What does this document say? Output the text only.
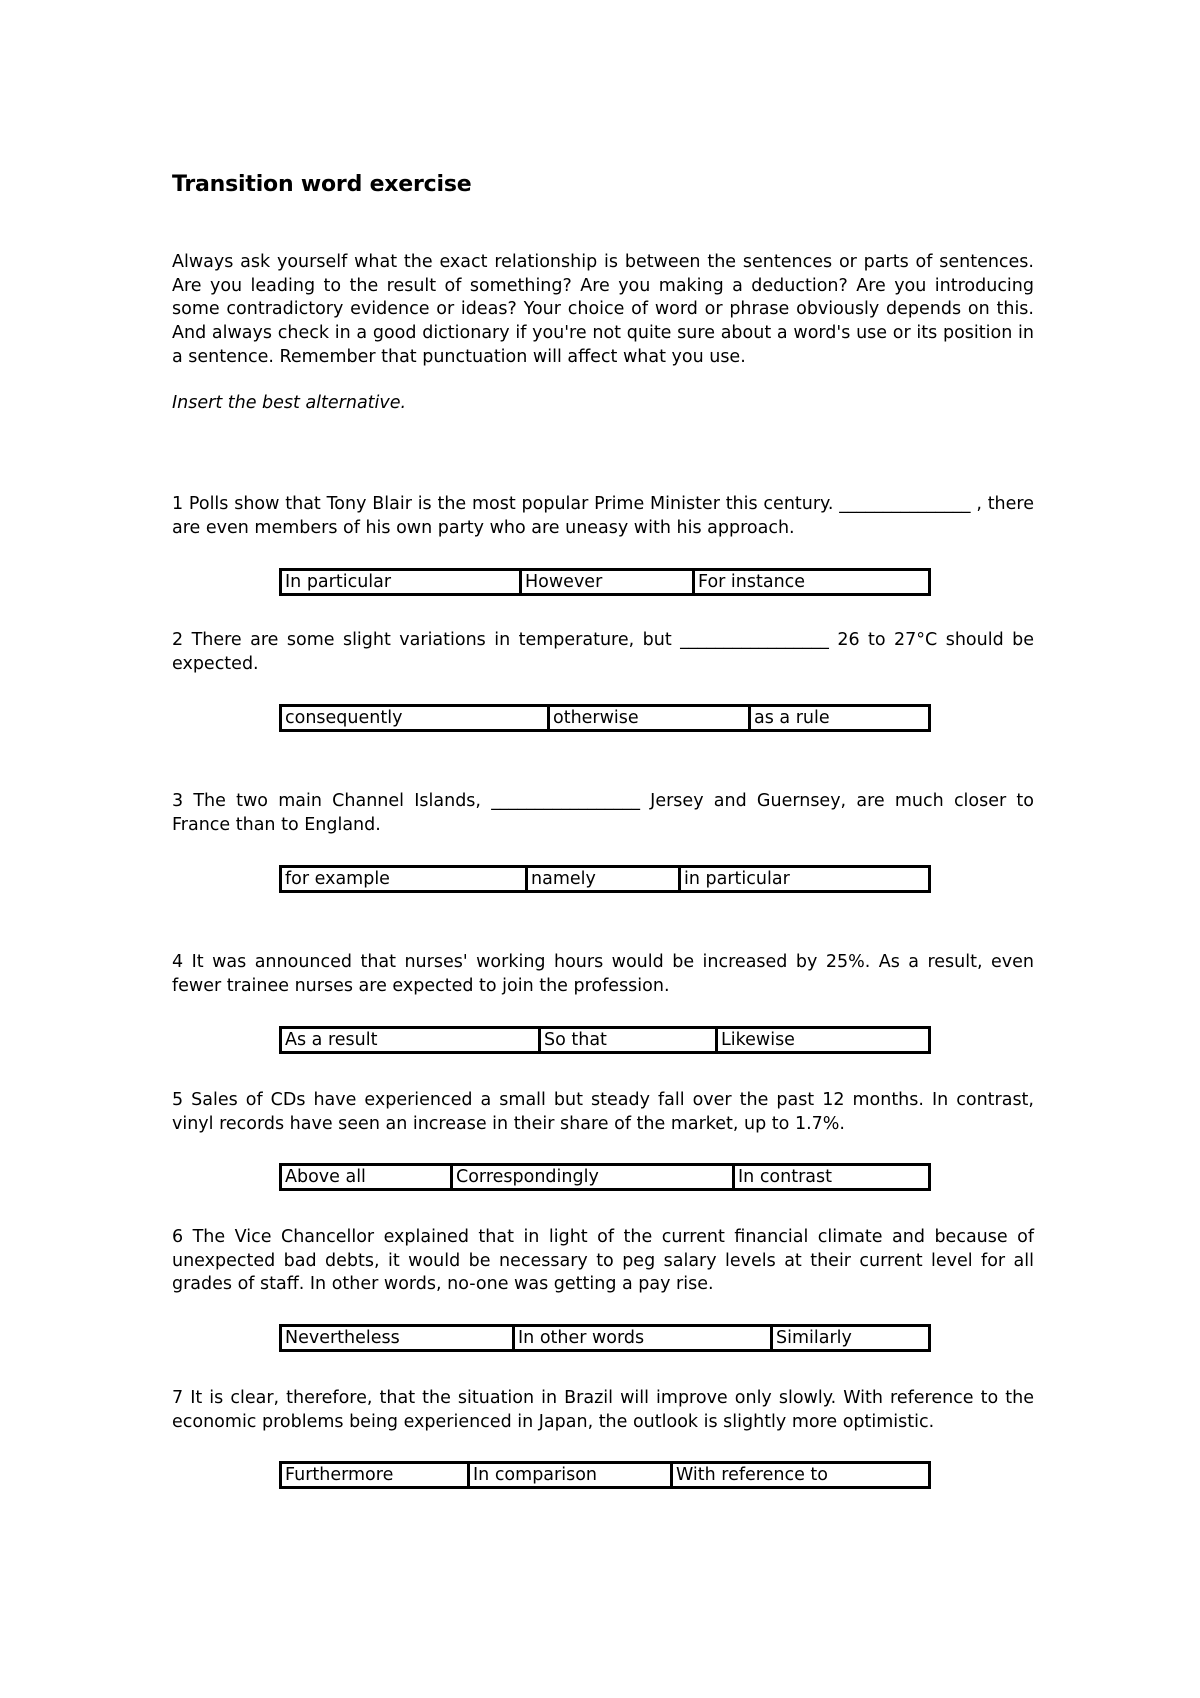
Transition word exercise

Always ask yourself what the exact relationship is between the sentences or parts of sentences. Are you leading to the result of something? Are you making a deduction? Are you introducing some contradictory evidence or ideas? Your choice of word or phrase obviously depends on this. And always check in a good dictionary if you're not quite sure about a word's use or its position in a sentence. Remember that punctuation will affect what you use.

Insert the best alternative.

1 Polls show that Tony Blair is the most popular Prime Minister this century. _______________ , there are even members of his own party who are uneasy with his approach.

In particular	However	For instance

2 There are some slight variations in temperature, but _________________ 26 to 27°C should be expected.

consequently	otherwise	as a rule

3 The two main Channel Islands, _________________ Jersey and Guernsey, are much closer to France than to England.

for example	namely	in particular

4 It was announced that nurses' working hours would be increased by 25%. As a result, even fewer trainee nurses are expected to join the profession.

As a result	So that	Likewise

5 Sales of CDs have experienced a small but steady fall over the past 12 months. In contrast, vinyl records have seen an increase in their share of the market, up to 1.7%.

Above all	Correspondingly	In contrast

6 The Vice Chancellor explained that in light of the current financial climate and because of unexpected bad debts, it would be necessary to peg salary levels at their current level for all grades of staff. In other words, no-one was getting a pay rise.

Nevertheless	In other words	Similarly

7 It is clear, therefore, that the situation in Brazil will improve only slowly. With reference to the economic problems being experienced in Japan, the outlook is slightly more optimistic.

Furthermore	In comparison	With reference to
